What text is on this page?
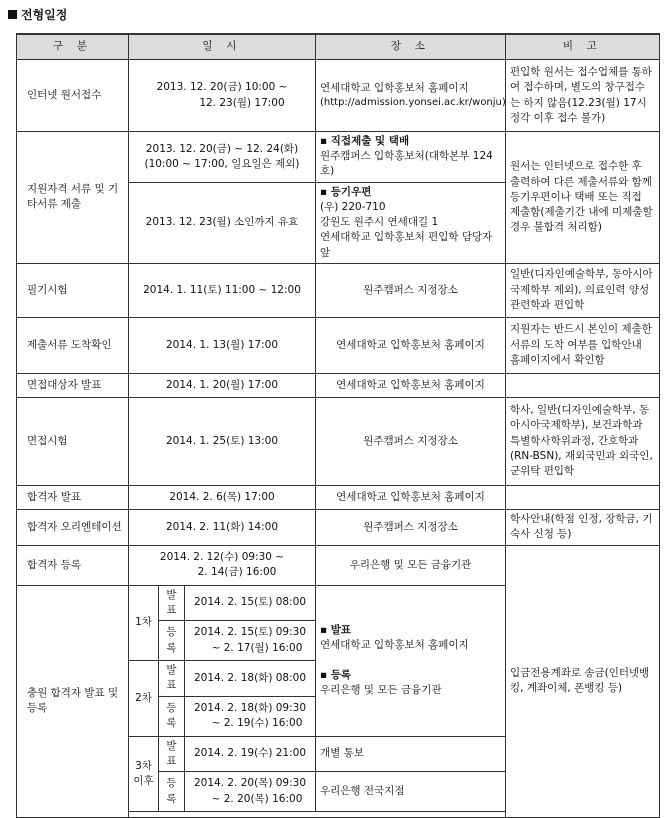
전형일정
구 분	일 시			장 소	비 고
인터넷 원서접수	2013. 12. 20(금) 10:00 ~
12. 23(월) 17:00			연세대학교 입학홍보처 홈페이지
(http://admission.yonsei.ac.kr/wonju)	편입학 원서는 접수업체를 통하여 접수하며, 별도의 창구접수는 하지 않음(12.23(월) 17시 정각 이후 접수 불가)
지원자격 서류 및 기타서류 제출	2013. 12. 20(금) ~ 12. 24(화)
(10:00 ~ 17:00, 일요일은 제외)			▪ 직접제출 및 택배
원주캠퍼스 입학홍보처(대학본부 124호)	원서는 인터넷으로 접수한 후 출력하여 다른 제출서류와 함께 등기우편이나 택배 또는 직접 제출함(제출기간 내에 미제출할 경우 불합격 처리함)
	2013. 12. 23(월) 소인까지 유효			▪ 등기우편
(우) 220-710
강원도 원주시 연세대길 1
연세대학교 입학홍보처 편입학 담당자 앞	

필기시험	2014. 1. 11(토) 11:00 ~ 12:00			원주캠퍼스 지정장소	일반(디자인예술학부, 동아시아국제학부 제외), 의료인력 양성 관련학과 편입학
제출서류 도착확인	2014. 1. 13(월) 17:00			연세대학교 입학홍보처 홈페이지	지원자는 반드시 본인이 제출한 서류의 도착 여부를 입학안내 홈페이지에서 확인함
면접대상자 발표	2014. 1. 20(월) 17:00			연세대학교 입학홍보처 홈페이지	
면접시험	2014. 1. 25(토) 13:00			원주캠퍼스 지정장소	학사, 일반(디자인예술학부, 동아시아국제학부), 보건과학과 특별학사학위과정, 간호학과(RN-BSN), 재외국민과 외국인, 군위탁 편입학
합격자 발표	2014. 2. 6(목) 17:00			연세대학교 입학홍보처 홈페이지	
합격자 오리엔테이션	2014. 2. 11(화) 14:00			원주캠퍼스 지정장소	학사안내(학점 인정, 장학금, 기숙사 신청 등)
합격자 등록	2014. 2. 12(수) 09:30 ~
2. 14(금) 16:00			우리은행 및 모든 금융기관	입금전용계좌로 송금(인터넷뱅킹, 계좌이체, 폰뱅킹 등)
충원 합격자 발표 및 등록	1차	발표	2014. 2. 15(토) 08:00	▪ 발표
연세대학교 입학홍보처 홈페이지
▪ 등록
우리은행 및 모든 금융기관	

		등록	2014. 2. 15(토) 09:30
~ 2. 17(월) 16:00		

	2차	발표	2014. 2. 18(화) 08:00		
		등록	2014. 2. 18(화) 09:30
~ 2. 19(수) 16:00		

	3차 이후	발표	2014. 2. 19(수) 21:00	개별 통보	
		등록	2014. 2. 20(목) 09:30
~ 2. 20(목) 16:00	우리은행 전국지점	
